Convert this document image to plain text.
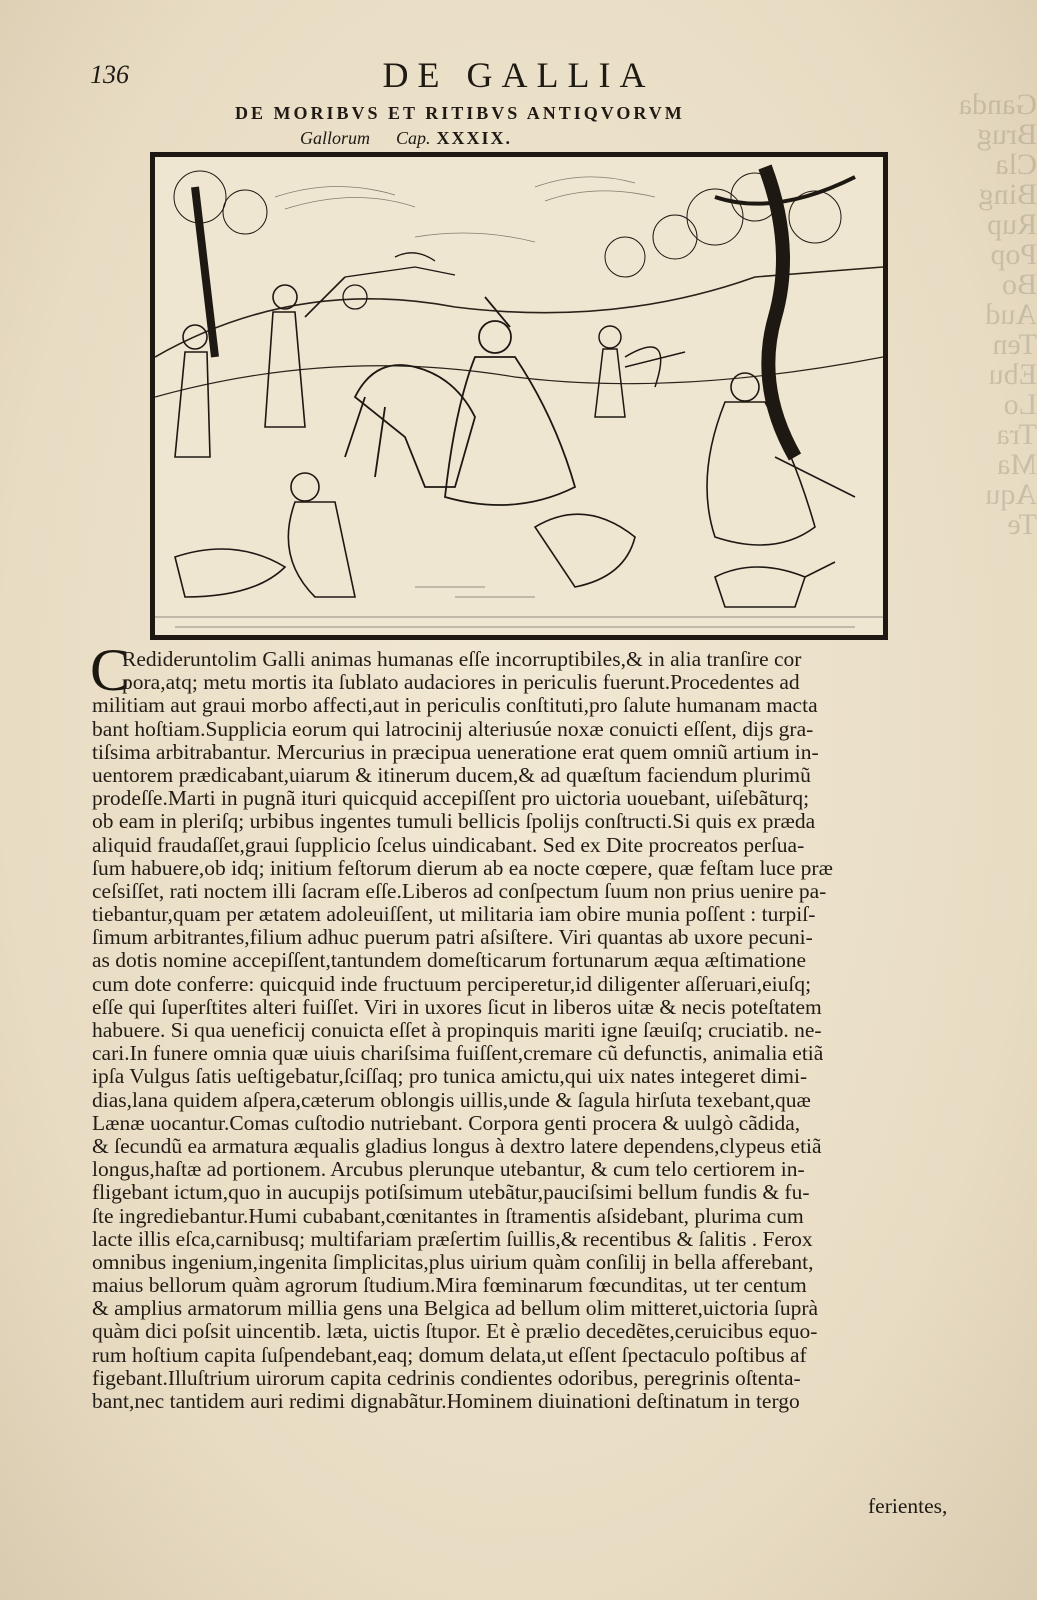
Ganda
Brug
Cla
Bing
Rup
Pop
Bo
Aud
Ten
Ebu
Lo
Tra
Ma
Aqu
Te
136	DE GALLIA
DE MORIBVS ET RITIBVS ANTIQVORVM
Gallorum Cap. XXXIX.
C
Redideruntolim Galli animas humanas eſſe incorruptibiles,& in alia tranſire cor
pora,atq; metu mortis ita ſublato audaciores in periculis fuerunt.Procedentes ad
militiam aut graui morbo affecti,aut in periculis conſtituti,pro ſalute humanam macta
bant hoſtiam.Supplicia eorum qui latrocinij alteriusúe noxæ conuicti eſſent, dijs gra-
tiſsima arbitrabantur. Mercurius in præcipua ueneratione erat quem omniũ artium in-
uentorem prædicabant,uiarum & itinerum ducem,& ad quæſtum faciendum plurimũ
prodeſſe.Marti in pugnã ituri quicquid accepiſſent pro uictoria uouebant, uiſebãturq;
ob eam in pleriſq; urbibus ingentes tumuli bellicis ſpolijs conſtructi.Si quis ex præda
aliquid fraudaſſet,graui ſupplicio ſcelus uindicabant. Sed ex Dite procreatos perſua-
ſum habuere,ob idq; initium feſtorum dierum ab ea nocte cœpere, quæ feſtam luce præ
ceſsiſſet, rati noctem illi ſacram eſſe.Liberos ad conſpectum ſuum non prius uenire pa-
tiebantur,quam per ætatem adoleuiſſent, ut militaria iam obire munia poſſent : turpiſ-
ſimum arbitrantes,filium adhuc puerum patri aſsiſtere. Viri quantas ab uxore pecuni-
as dotis nomine accepiſſent,tantundem domeſticarum fortunarum æqua æſtimatione
cum dote conferre: quicquid inde fructuum perciperetur,id diligenter aſſeruari,eiuſq;
eſſe qui ſuperſtites alteri fuiſſet. Viri in uxores ſicut in liberos uitæ & necis poteſtatem
habuere. Si qua ueneficij conuicta eſſet à propinquis mariti igne ſæuiſq; cruciatib. ne-
cari.In funere omnia quæ uiuis chariſsima fuiſſent,cremare cũ defunctis, animalia etiã
ipſa Vulgus ſatis ueſtigebatur,ſciſſaq; pro tunica amictu,qui uix nates integeret dimi-
dias,lana quidem aſpera,cæterum oblongis uillis,unde & ſagula hirſuta texebant,quæ
Lænæ uocantur.Comas cuſtodio nutriebant. Corpora genti procera & uulgò cãdida,
& ſecundũ ea armatura æqualis gladius longus à dextro latere dependens,clypeus etiã
longus,haſtæ ad portionem. Arcubus plerunque utebantur, & cum telo certiorem in-
fligebant ictum,quo in aucupijs potiſsimum utebãtur,pauciſsimi bellum fundis & fu-
ſte ingrediebantur.Humi cubabant,cœnitantes in ſtramentis aſsidebant, plurima cum
lacte illis eſca,carnibusq; multifariam præſertim ſuillis,& recentibus & ſalitis . Ferox
omnibus ingenium,ingenita ſimplicitas,plus uirium quàm conſilij in bella afferebant,
maius bellorum quàm agrorum ſtudium.Mira fœminarum fœcunditas, ut ter centum
& amplius armatorum millia gens una Belgica ad bellum olim mitteret,uictoria ſuprà
quàm dici poſsit uincentib. læta, uictis ſtupor. Et è prælio decedẽtes,ceruicibus equo-
rum hoſtium capita ſuſpendebant,eaq; domum delata,ut eſſent ſpectaculo poſtibus af
figebant.Illuſtrium uirorum capita cedrinis condientes odoribus, peregrinis oſtenta-
bant,nec tantidem auri redimi dignabãtur.Hominem diuinationi deſtinatum in tergo
ferientes,
